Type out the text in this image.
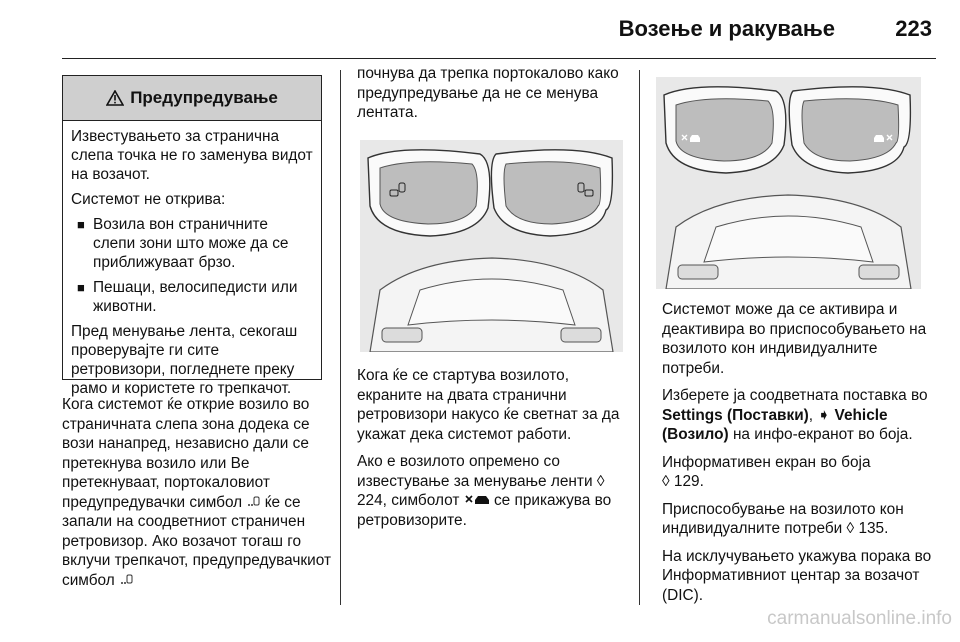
Возење и ракување	223
Предупредување

Известувањето за странична слепа точка не го заменува видот на возачот.

Системот не открива:

■ Возила вон страничните слепи зони што може да се приближуваат брзо.
■ Пешаци, велосипедисти или животни.

Пред менување лента, секогаш проверувајте ги сите ретровизори, погледнете преку рамо и користете го трепкачот.

Кога системот ќе открие возило во страничната слепа зона додека се вози нанапред, независно дали се претекнува возило или Ве претекнуваат, портокаловиот предупредувачки симбол ќе се запали на соодветниот страничен ретровизор. Ако возачот тогаш го вклучи трепкачот, предупредувачкиот симбол

почнува да трепка портокалово како предупредување да не се менува лентата.

Кога ќе се стартува возилото, екраните на двата странични ретровизори накусо ќе светнат за да укажат дека системот работи.

Ако е возилото опремено со известување за менување ленти ◊ 224, симболот се прикажува во ретровизорите.

Системот може да се активира и деактивира во приспособувањето на возилото кон индивидуалните потреби.

Изберете ја соодветната поставка во Settings (Поставки), ➧ Vehicle (Возило) на инфо-екранот во боја.

Информативен екран во боја
◊ 129.

Приспособување на возилото кон индивидуалните потреби ◊ 135.

На исклучувањето укажува порака во Информативниот центар за возачот (DIC).

carmanualsonline.info
